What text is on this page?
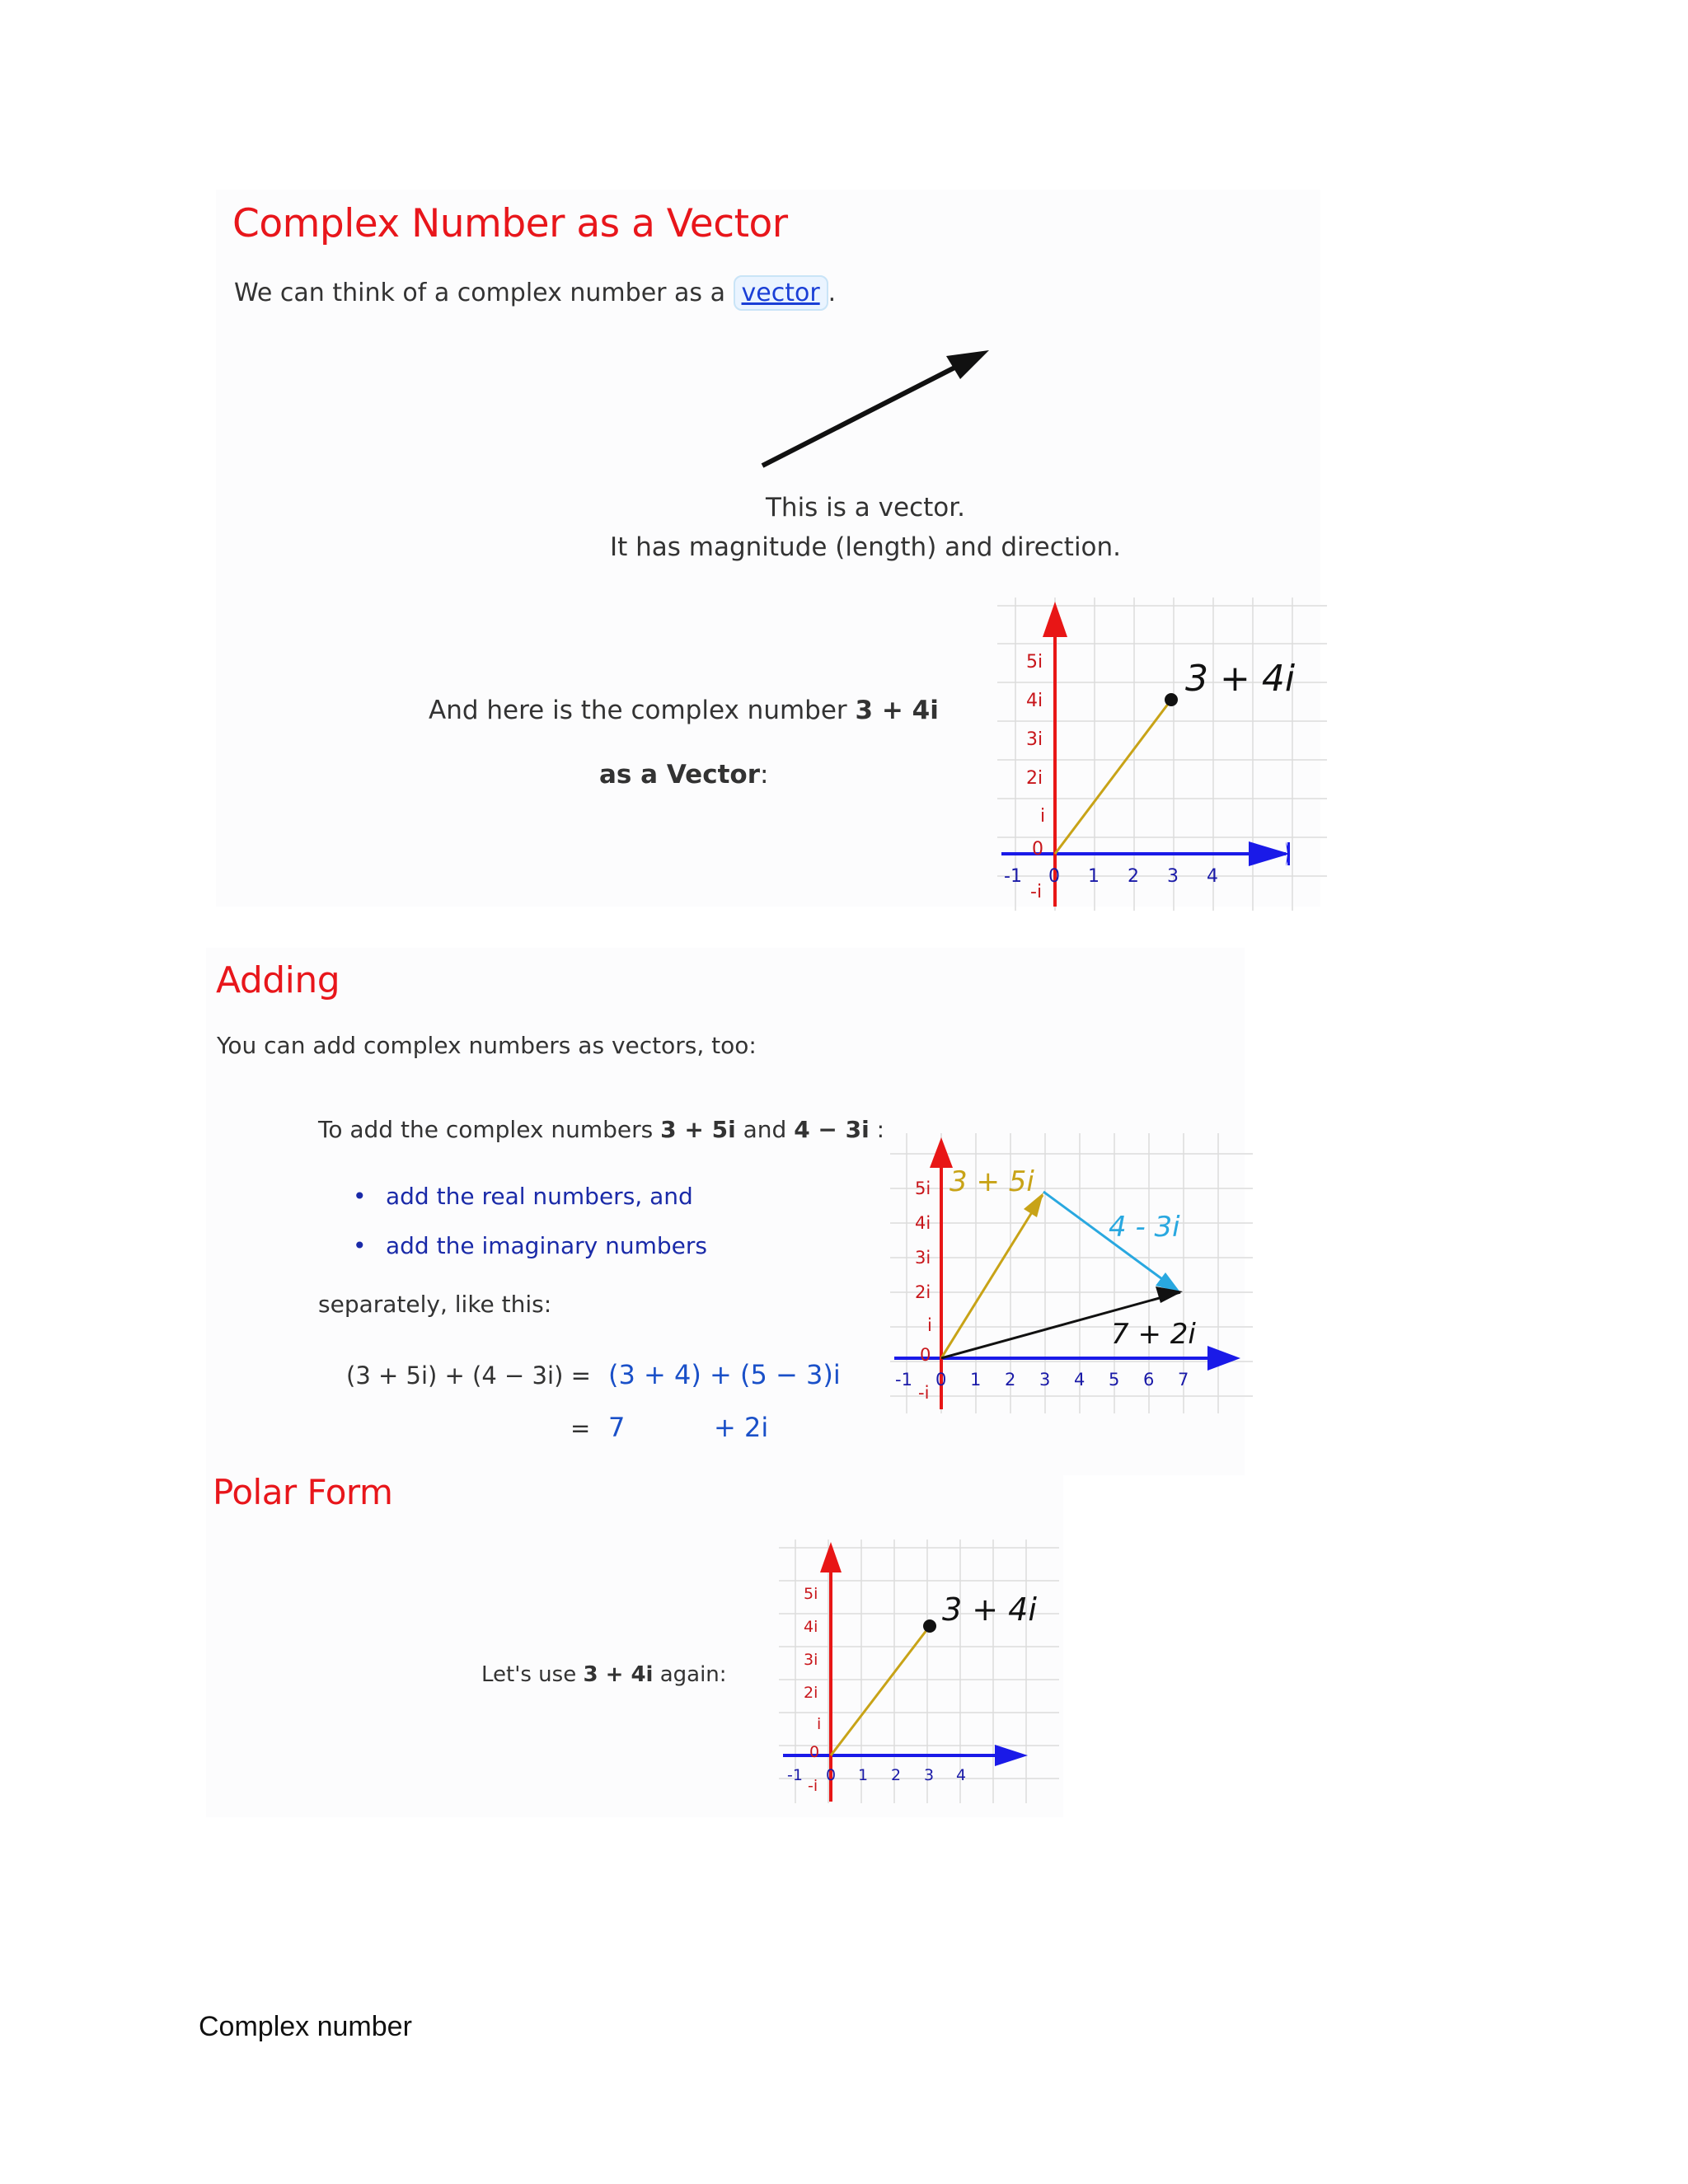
Complex Number as a Vector
We can think of a complex number as a vector .
This is a vector.
It has magnitude (length) and direction.
And here is the complex number 3 + 4i
as a Vector:
3 + 4i
5i
4i
3i
2i
i
0
-i
-1 0 1 2 3 4
Adding
You can add complex numbers as vectors, too:
To add the complex numbers 3 + 5i and 4 − 3i :
• add the real numbers, and
• add the imaginary numbers
separately, like this:
(3 + 5i) + (4 − 3i) = (3 + 4) + (5 − 3)i
= 7	+ 2i
3 + 5i
4 - 3i
7 + 2i
5i
4i
3i
2i
i
0
-i
-1 0 1 2 3 4 5 6 7
Polar Form
Let's use 3 + 4i again:
3 + 4i
5i
4i
3i
2i
i
0
-i
-1 0 1 2 3 4
Complex number
